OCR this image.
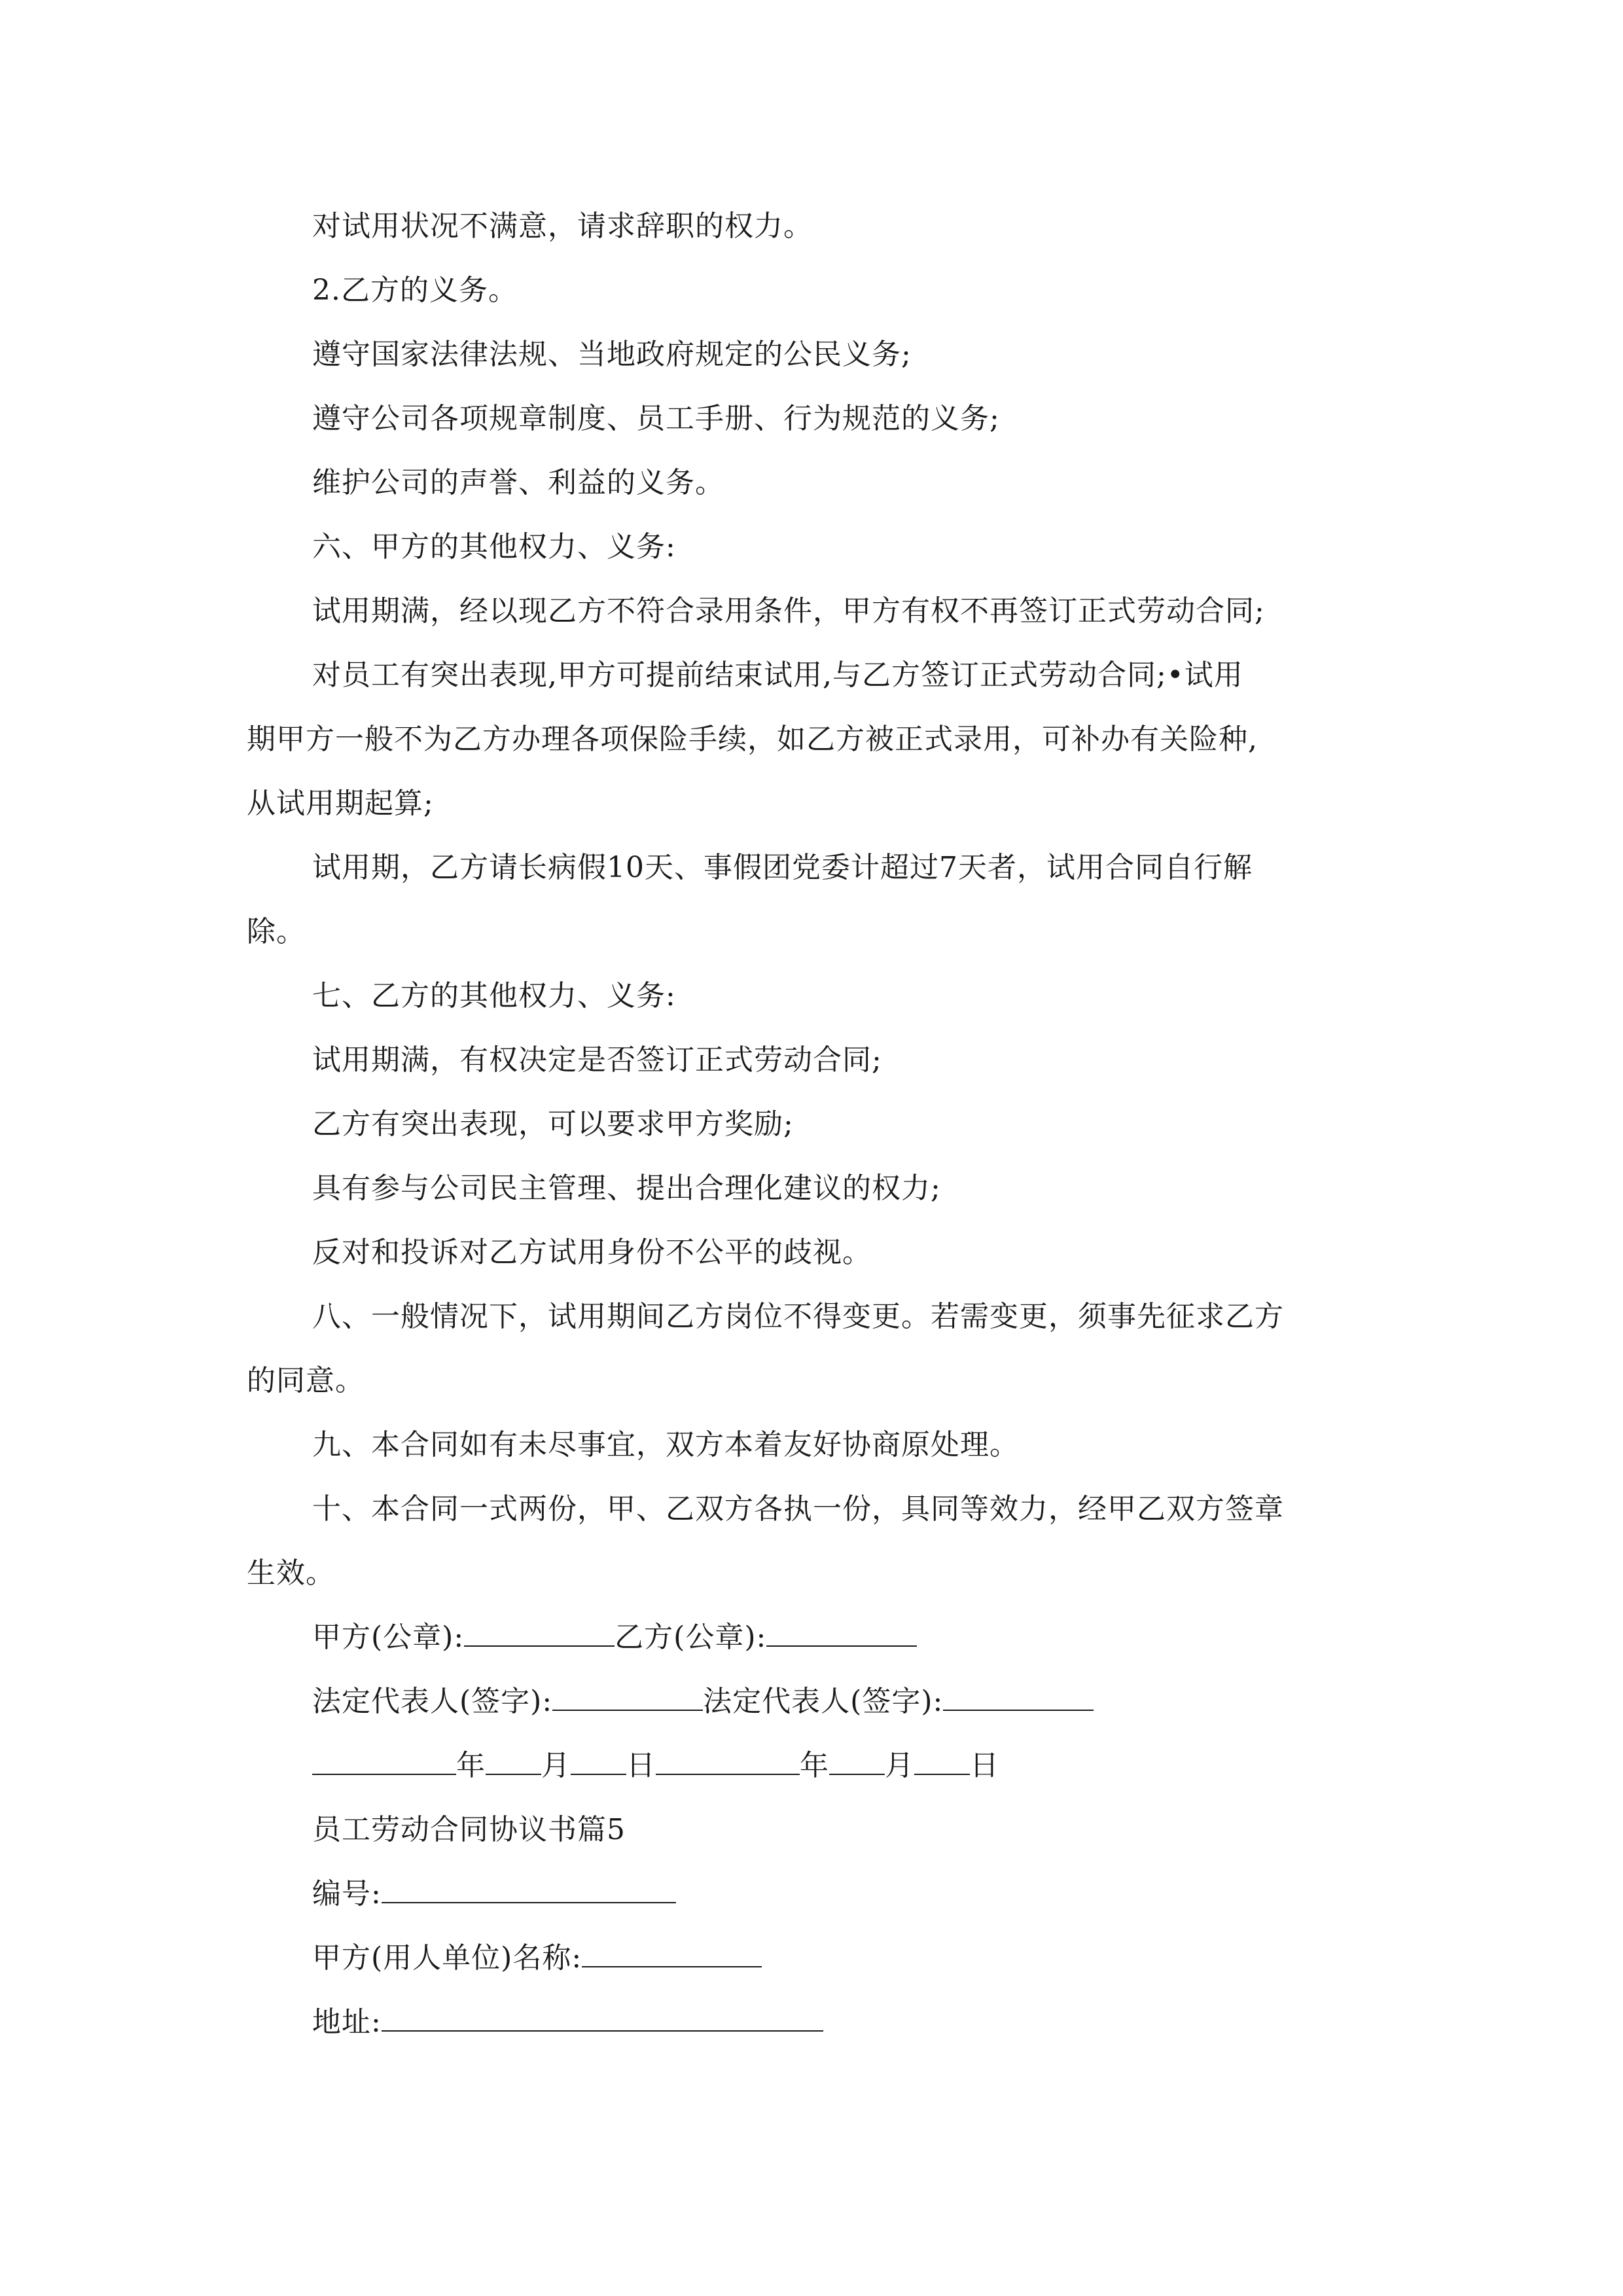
对试用状况不满意，请求辞职的权力。
2.乙方的义务。
遵守国家法律法规、当地政府规定的公民义务;
遵守公司各项规章制度、员工手册、行为规范的义务;
维护公司的声誉、利益的义务。
六、甲方的其他权力、义务:
试用期满，经以现乙方不符合录用条件，甲方有权不再签订正式劳动合同;
对员工有突出表现,甲方可提前结束试用,与乙方签订正式劳动合同;•试用
期甲方一般不为乙方办理各项保险手续，如乙方被正式录用，可补办有关险种,
从试用期起算;
试用期，乙方请长病假10天、事假团党委计超过7天者，试用合同自行解
除。
七、乙方的其他权力、义务:
试用期满，有权决定是否签订正式劳动合同;
乙方有突出表现，可以要求甲方奖励;
具有参与公司民主管理、提出合理化建议的权力;
反对和投诉对乙方试用身份不公平的歧视。
八、一般情况下，试用期间乙方岗位不得变更。若需变更，须事先征求乙方
的同意。
九、本合同如有未尽事宜，双方本着友好协商原处理。
十、本合同一式两份，甲、乙双方各执一份，具同等效力，经甲乙双方签章
生效。
甲方(公章):	乙方(公章):
法定代表人(签字):	法定代表人(签字):
年 月 日	年 月 日
员工劳动合同协议书篇5
编号:
甲方(用人单位)名称:
地址:
